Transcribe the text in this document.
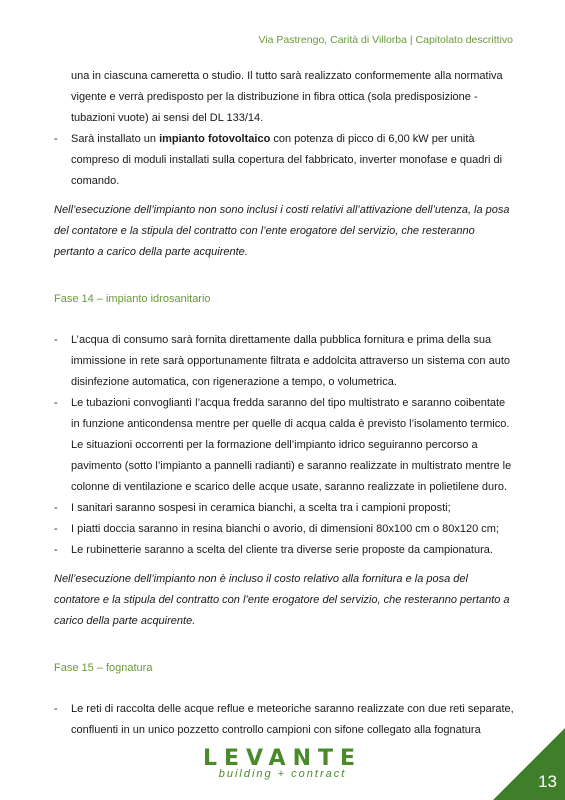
Via Pastrengo, Carità di Villorba | Capitolato descrittivo

una in ciascuna cameretta o studio. Il tutto sarà realizzato conformemente alla normativa vigente e verrà predisposto per la distribuzione in fibra ottica (sola predisposizione - tubazioni vuote) ai sensi del DL 133/14.

-	Sarà installato un impianto fotovoltaico con potenza di picco di 6,00 kW per unità compreso di moduli installati sulla copertura del fabbricato, inverter monofase e quadri di comando.

Nell’esecuzione dell’impianto non sono inclusi i costi relativi all’attivazione dell’utenza, la posa del contatore e la stipula del contratto con l’ente erogatore del servizio, che resteranno pertanto a carico della parte acquirente.

Fase 14 – impianto idrosanitario
-	L’acqua di consumo sarà fornita direttamente dalla pubblica fornitura e prima della sua immissione in rete sarà opportunamente filtrata e addolcita attraverso un sistema con auto disinfezione automatica, con rigenerazione a tempo, o volumetrica.
-	Le tubazioni convogliantì l’acqua fredda saranno del tipo multistrato e saranno coibentate in funzione anticondensa mentre per quelle di acqua calda è previsto l’isolamento termico. Le situazioni occorrenti per la formazione dell’impianto idrico seguiranno percorso a pavimento (sotto l’impianto a pannelli radianti) e saranno realizzate in multistrato mentre le colonne di ventilazione e scarico delle acque usate, saranno realizzate in polietilene duro.
-	I sanitari saranno sospesi in ceramica bianchi, a scelta tra i campioni proposti;
-	I piatti doccia saranno in resina bianchi o avorio, di dimensioni 80x100 cm o 80x120 cm;
-	Le rubinetterie saranno a scelta del cliente tra diverse serie proposte da campionatura.

Nell’esecuzione dell’impianto non è incluso il costo relativo alla fornitura e la posa del contatore e la stipula del contratto con l’ente erogatore del servizio, che resteranno pertanto a carico della parte acquirente.

Fase 15 – fognatura
-	Le reti di raccolta delle acque reflue e meteoriche saranno realizzate con due reti separate, confluenti in un unico pozzetto controllo campioni con sifone collegato alla fognatura
LEVANTE
building + contract	13
